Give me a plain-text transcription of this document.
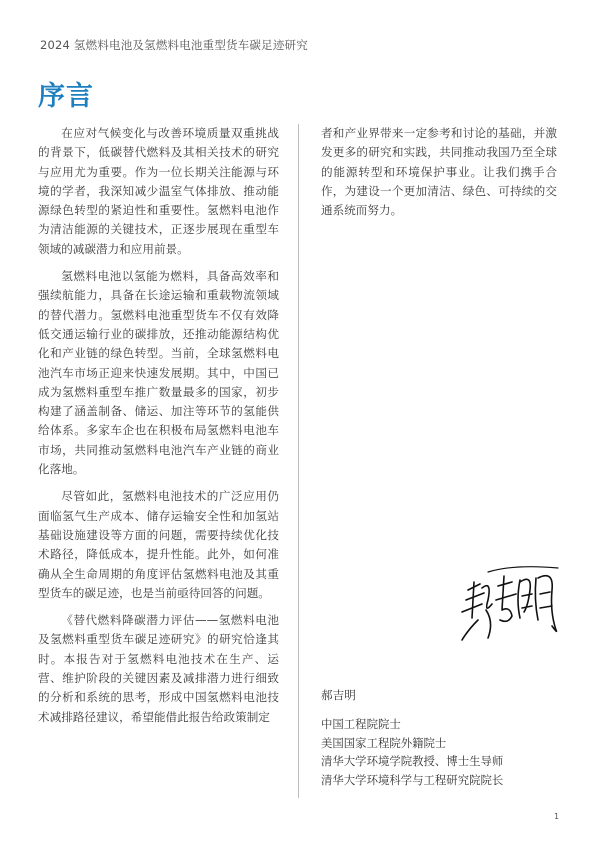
2024 氢燃料电池及氢燃料电池重型货车碳足迹研究
序言

在应对气候变化与改善环境质量双重挑战的背景下，低碳替代燃料及其相关技术的研究与应用尤为重要。作为一位长期关注能源与环境的学者，我深知减少温室气体排放、推动能源绿色转型的紧迫性和重要性。氢燃料电池作为清洁能源的关键技术，正逐步展现在重型车领域的减碳潜力和应用前景。

氢燃料电池以氢能为燃料，具备高效率和强续航能力，具备在长途运输和重载物流领域的替代潜力。氢燃料电池重型货车不仅有效降低交通运输行业的碳排放，还推动能源结构优化和产业链的绿色转型。当前，全球氢燃料电池汽车市场正迎来快速发展期。其中，中国已成为氢燃料重型车推广数量最多的国家，初步构建了涵盖制备、储运、加注等环节的氢能供给体系。多家车企也在积极布局氢燃料电池车市场，共同推动氢燃料电池汽车产业链的商业化落地。

尽管如此，氢燃料电池技术的广泛应用仍面临氢气生产成本、储存运输安全性和加氢站基础设施建设等方面的问题，需要持续优化技术路径，降低成本，提升性能。此外，如何准确从全生命周期的角度评估氢燃料电池及其重型货车的碳足迹，也是当前亟待回答的问题。

《替代燃料降碳潜力评估——氢燃料电池及氢燃料重型货车碳足迹研究》的研究恰逢其时。本报告对于氢燃料电池技术在生产、运营、维护阶段的关键因素及减排潜力进行细致的分析和系统的思考，形成中国氢燃料电池技术减排路径建议，希望能借此报告给政策制定

者和产业界带来一定参考和讨论的基础，并激发更多的研究和实践，共同推动我国乃至全球的能源转型和环境保护事业。让我们携手合作，为建设一个更加清洁、绿色、可持续的交通系统而努力。

郝吉明
中国工程院院士
美国国家工程院外籍院士
清华大学环境学院教授、博士生导师
清华大学环境科学与工程研究院院长
1
